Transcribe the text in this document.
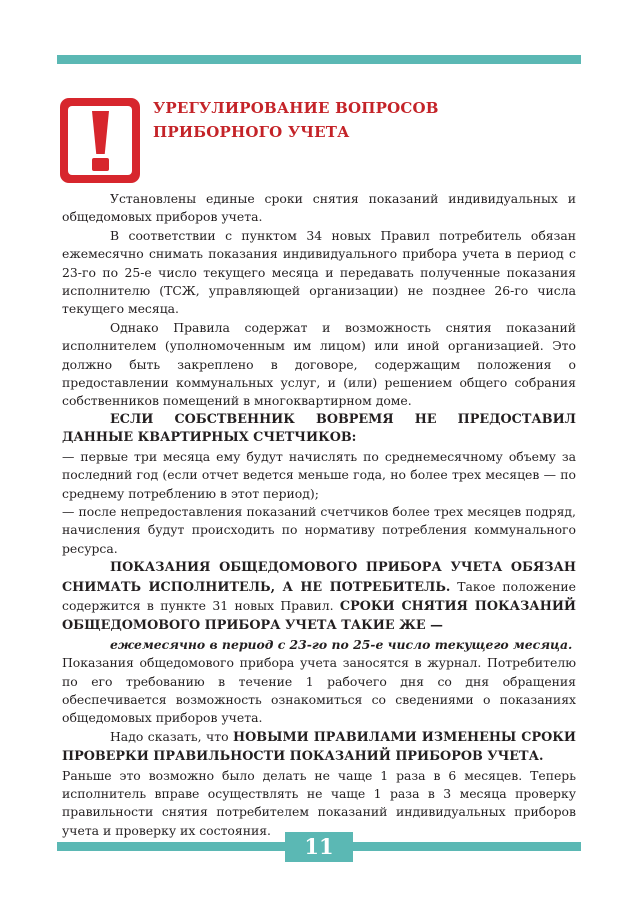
УРЕГУЛИРОВАНИЕ ВОПРОСОВ
ПРИБОРНОГО УЧЕТА

Установлены единые сроки снятия показаний индивидуальных и общедомовых приборов учета.

В соответствии с пунктом 34 новых Правил потребитель обязан ежемесячно снимать показания индивидуального прибора учета в период с 23-го по 25-е число текущего месяца и передавать полученные показания исполнителю (ТСЖ, управляющей организации) не позднее 26-го числа текущего месяца.

Однако Правила содержат и возможность снятия показаний исполнителем (уполномоченным им лицом) или иной организацией. Это должно быть закреплено в договоре, содержащим положения о предоставлении коммунальных услуг, и (или) решением общего собрания собственников помещений в многоквартирном доме.

ЕСЛИ СОБСТВЕННИК ВОВРЕМЯ НЕ ПРЕДОСТАВИЛ ДАННЫЕ КВАРТИРНЫХ СЧЕТЧИКОВ:

— первые три месяца ему будут начислять по среднемесячному объему за последний год (если отчет ведется меньше года, но более трех месяцев — по среднему потреблению в этот период);

— после непредоставления показаний счетчиков более трех месяцев подряд, начисления будут происходить по нормативу потребления коммунального ресурса.

ПОКАЗАНИЯ ОБЩЕДОМОВОГО ПРИБОРА УЧЕТА ОБЯЗАН СНИМАТЬ ИСПОЛНИТЕЛЬ, А НЕ ПОТРЕБИТЕЛЬ. Такое положение содержится в пункте 31 новых Правил. СРОКИ СНЯТИЯ ПОКАЗАНИЙ ОБЩЕДОМОВОГО ПРИБОРА УЧЕТА ТАКИЕ ЖЕ —

ежемесячно в период с 23-го по 25-е число текущего месяца.

Показания общедомового прибора учета заносятся в журнал. Потребителю по его требованию в течение 1 рабочего дня со дня обращения обеспечивается возможность ознакомиться со сведениями о показаниях общедомовых приборов учета.

Надо сказать, что НОВЫМИ ПРАВИЛАМИ ИЗМЕНЕНЫ СРОКИ ПРОВЕРКИ ПРАВИЛЬНОСТИ ПОКАЗАНИЙ ПРИБОРОВ УЧЕТА.

Раньше это возможно было делать не чаще 1 раза в 6 месяцев. Теперь исполнитель вправе осуществлять не чаще 1 раза в 3 месяца проверку правильности снятия потребителем показаний индивидуальных приборов учета и проверку их состояния.

11
